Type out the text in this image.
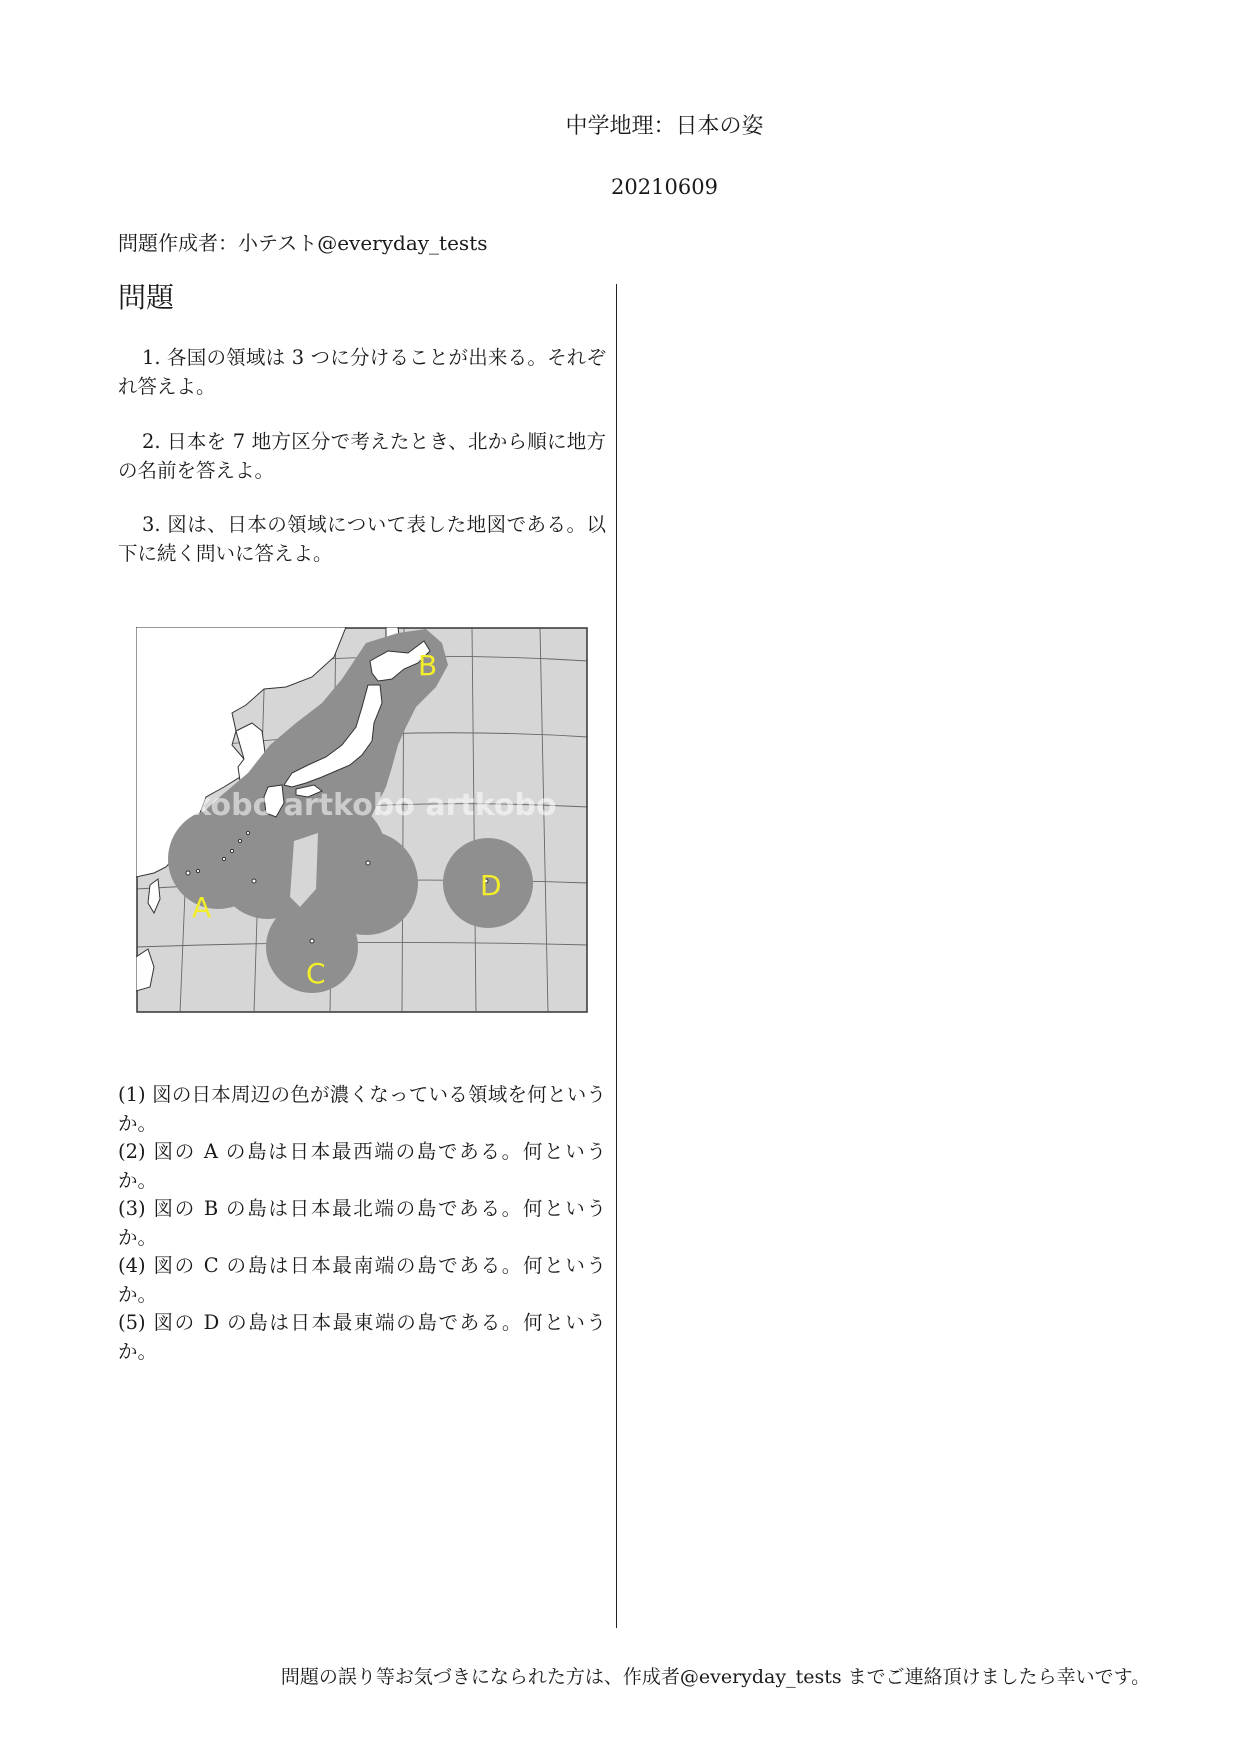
中学地理：日本の姿
20210609
問題作成者：小テスト@everyday_tests
問題

1. 各国の領域は 3 つに分けることが出来る。それぞれ答えよ。

2. 日本を 7 地方区分で考えたとき、北から順に地方の名前を答えよ。

3. 図は、日本の領域について表した地図である。以下に続く問いに答えよ。

artkobo artkobo artkobo
A
B
C
D
(1) 図の日本周辺の色が濃くなっている領域を何というか。
(2) 図の A の島は日本最西端の島である。何というか。
(3) 図の B の島は日本最北端の島である。何というか。
(4) 図の C の島は日本最南端の島である。何というか。
(5) 図の D の島は日本最東端の島である。何というか。
問題の誤り等お気づきになられた方は、作成者@everyday_tests までご連絡頂けましたら幸いです。
